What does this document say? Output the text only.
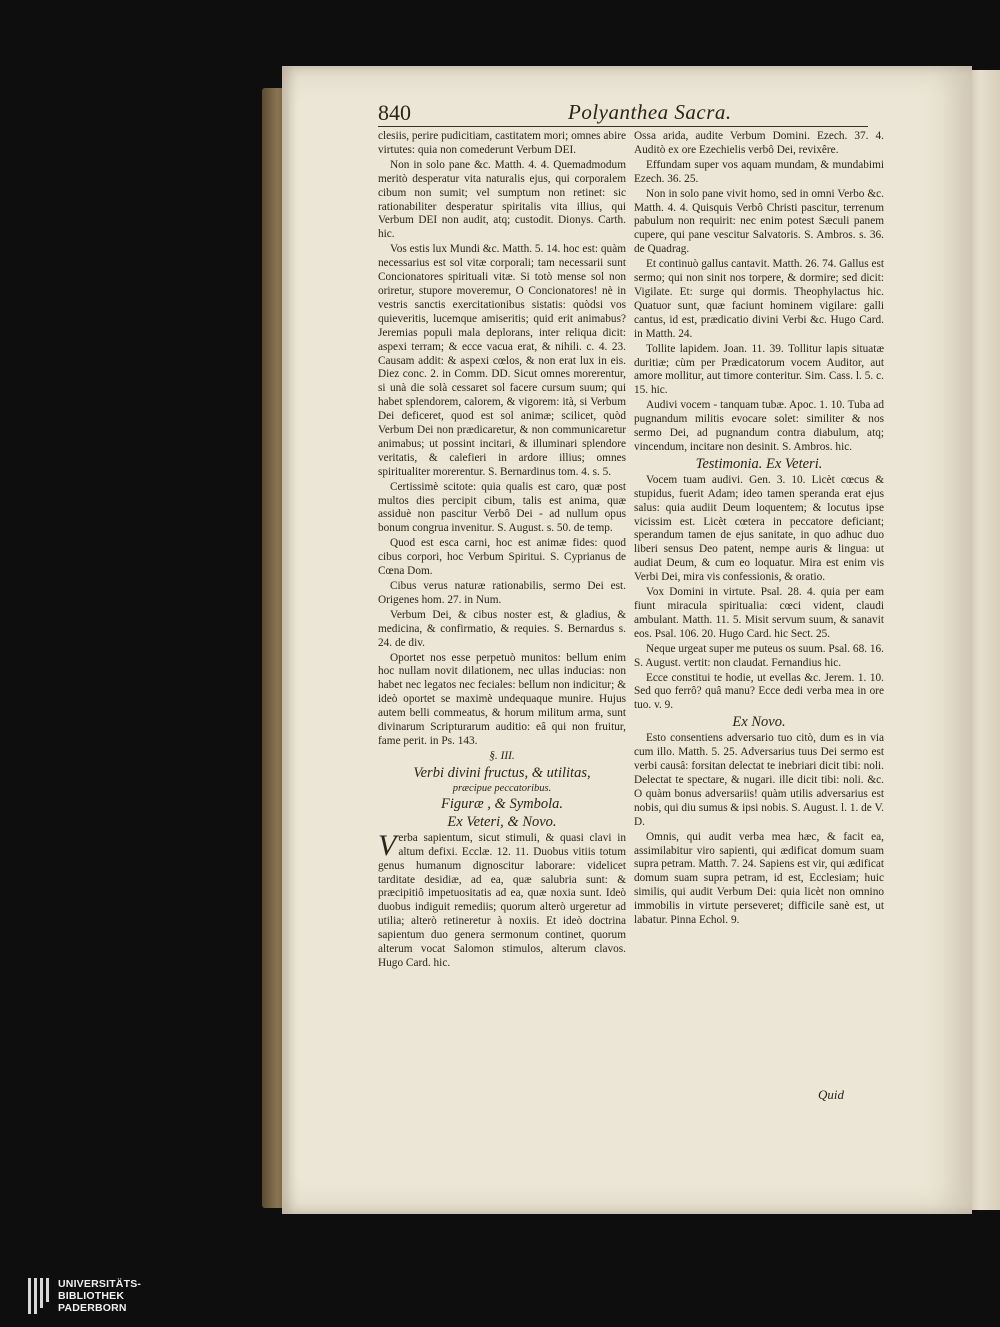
840	Polyanthea Sacra.

clesiis, perire pudicitiam, castitatem mori; omnes abire virtutes: quia non comederunt Verbum DEI.

Non in solo pane &c. Matth. 4. 4. Quemadmodum meritò desperatur vita naturalis ejus, qui corporalem cibum non sumit; vel sumptum non retinet: sic rationabiliter desperatur spiritalis vita illius, qui Verbum DEI non audit, atq; custodit. Dionys. Carth. hic.

Vos estis lux Mundi &c. Matth. 5. 14. hoc est: quàm necessarius est sol vitæ corporali; tam necessarii sunt Concionatores spirituali vitæ. Si totò mense sol non oriretur, stupore moveremur, O Concionatores! nè in vestris sanctis exercitationibus sistatis: quòdsi vos quieveritis, lucemque amiseritis; quid erit animabus? Jeremias populi mala deplorans, inter reliqua dicit: aspexi terram; & ecce vacua erat, & nihili. c. 4. 23. Causam addit: & aspexi cœlos, & non erat lux in eis. Diez conc. 2. in Comm. DD. Sicut omnes morerentur, si unà die solà cessaret sol facere cursum suum; qui habet splendorem, calorem, & vigorem: ità, si Verbum Dei deficeret, quod est sol animæ; scilicet, quòd Verbum Dei non prædicaretur, & non communicaretur animabus; ut possint incitari, & illuminari splendore veritatis, & calefieri in ardore illius; omnes spiritualiter morerentur. S. Bernardinus tom. 4. s. 5.

Certissimè scitote: quia qualis est caro, quæ post multos dies percipit cibum, talis est anima, quæ assiduè non pascitur Verbô Dei - ad nullum opus bonum congrua invenitur. S. August. s. 50. de temp.

Quod est esca carni, hoc est animæ fides: quod cibus corpori, hoc Verbum Spiritui. S. Cyprianus de Cœna Dom.

Cibus verus naturæ rationabilis, sermo Dei est. Origenes hom. 27. in Num.

Verbum Dei, & cibus noster est, & gladius, & medicina, & confirmatio, & requies. S. Bernardus s. 24. de div.

Oportet nos esse perpetuò munitos: bellum enim hoc nullam novit dilationem, nec ullas inducias: non habet nec legatos nec feciales: bellum non indicitur; & ideò oportet se maximè undequaque munire. Hujus autem belli commeatus, & horum militum arma, sunt divinarum Scripturarum auditio: eâ qui non fruitur, fame perit. in Ps. 143.

§. III.

Verbi divini fructus, & utilitas,

præcipue peccatoribus.

Figuræ , & Symbola.

Ex Veteri, & Novo.

Verba sapientum, sicut stimuli, & quasi clavi in altum defixi. Ecclæ. 12. 11. Duobus vitiis totum genus humanum dignoscitur laborare: videlicet tarditate desidiæ, ad ea, quæ salubria sunt: & præcipitiô impetuositatis ad ea, quæ noxia sunt. Ideò duobus indiguit remediis; quorum alterò urgeretur ad utilia; alterò retineretur à noxiis. Et ideò doctrina sapientum duo genera sermonum continet, quorum alterum vocat Salomon stimulos, alterum clavos. Hugo Card. hic.

Ossa arida, audite Verbum Domini. Ezech. 37. 4. Auditò ex ore Ezechielis verbô Dei, revixêre.

Effundam super vos aquam mundam, & mundabimi Ezech. 36. 25.

Non in solo pane vivit homo, sed in omni Verbo &c. Matth. 4. 4. Quisquis Verbô Christi pascitur, terrenum pabulum non requirit: nec enim potest Sæculi panem cupere, qui pane vescitur Salvatoris. S. Ambros. s. 36. de Quadrag.

Et continuò gallus cantavit. Matth. 26. 74. Gallus est sermo; qui non sinit nos torpere, & dormire; sed dicit: Vigilate. Et: surge qui dormis. Theophylactus hic. Quatuor sunt, quæ faciunt hominem vigilare: galli cantus, id est, prædicatio divini Verbi &c. Hugo Card. in Matth. 24.

Tollite lapidem. Joan. 11. 39. Tollitur lapis situatæ duritiæ; cùm per Prædicatorum vocem Auditor, aut amore mollitur, aut timore conteritur. Sim. Cass. l. 5. c. 15. hic.

Audivi vocem - tanquam tubæ. Apoc. 1. 10. Tuba ad pugnandum militis evocare solet: similiter & nos sermo Dei, ad pugnandum contra diabulum, atq; vincendum, incitare non desinit. S. Ambros. hic.

Testimonia. Ex Veteri.

Vocem tuam audivi. Gen. 3. 10. Licèt cœcus & stupidus, fuerit Adam; ideo tamen speranda erat ejus salus: quia audiit Deum loquentem; & locutus ipse vicissim est. Licèt cœtera in peccatore deficiant; sperandum tamen de ejus sanitate, in quo adhuc duo liberi sensus Deo patent, nempe auris & lingua: ut audiat Deum, & cum eo loquatur. Mira est enim vis Verbi Dei, mira vis confessionis, & oratio.

Vox Domini in virtute. Psal. 28. 4. quia per eam fiunt miracula spiritualia: cœci vident, claudi ambulant. Matth. 11. 5. Misit servum suum, & sanavit eos. Psal. 106. 20. Hugo Card. hic Sect. 25.

Neque urgeat super me puteus os suum. Psal. 68. 16. S. August. vertit: non claudat. Fernandius hic.

Ecce constitui te hodie, ut evellas &c. Jerem. 1. 10. Sed quo ferrô? quâ manu? Ecce dedi verba mea in ore tuo. v. 9.

Ex Novo.

Esto consentiens adversario tuo citò, dum es in via cum illo. Matth. 5. 25. Adversarius tuus Dei sermo est verbi causâ: forsitan delectat te inebriari dicit tibi: noli. Delectat te spectare, & nugari. ille dicit tibi: noli. &c. O quàm bonus adversariis! quàm utilis adversarius est nobis, qui diu sumus & ipsi nobis. S. August. l. 1. de V. D.

Omnis, qui audit verba mea hæc, & facit ea, assimilabitur viro sapienti, qui ædificat domum suam supra petram. Matth. 7. 24. Sapiens est vir, qui ædificat domum suam supra petram, id est, Ecclesiam; huic similis, qui audit Verbum Dei: quia licèt non omnino immobilis in virtute perseveret; difficile sanè est, ut labatur. Pinna Echol. 9.

Quid
UNIVERSITÄTS-
BIBLIOTHEK
PADERBORN
